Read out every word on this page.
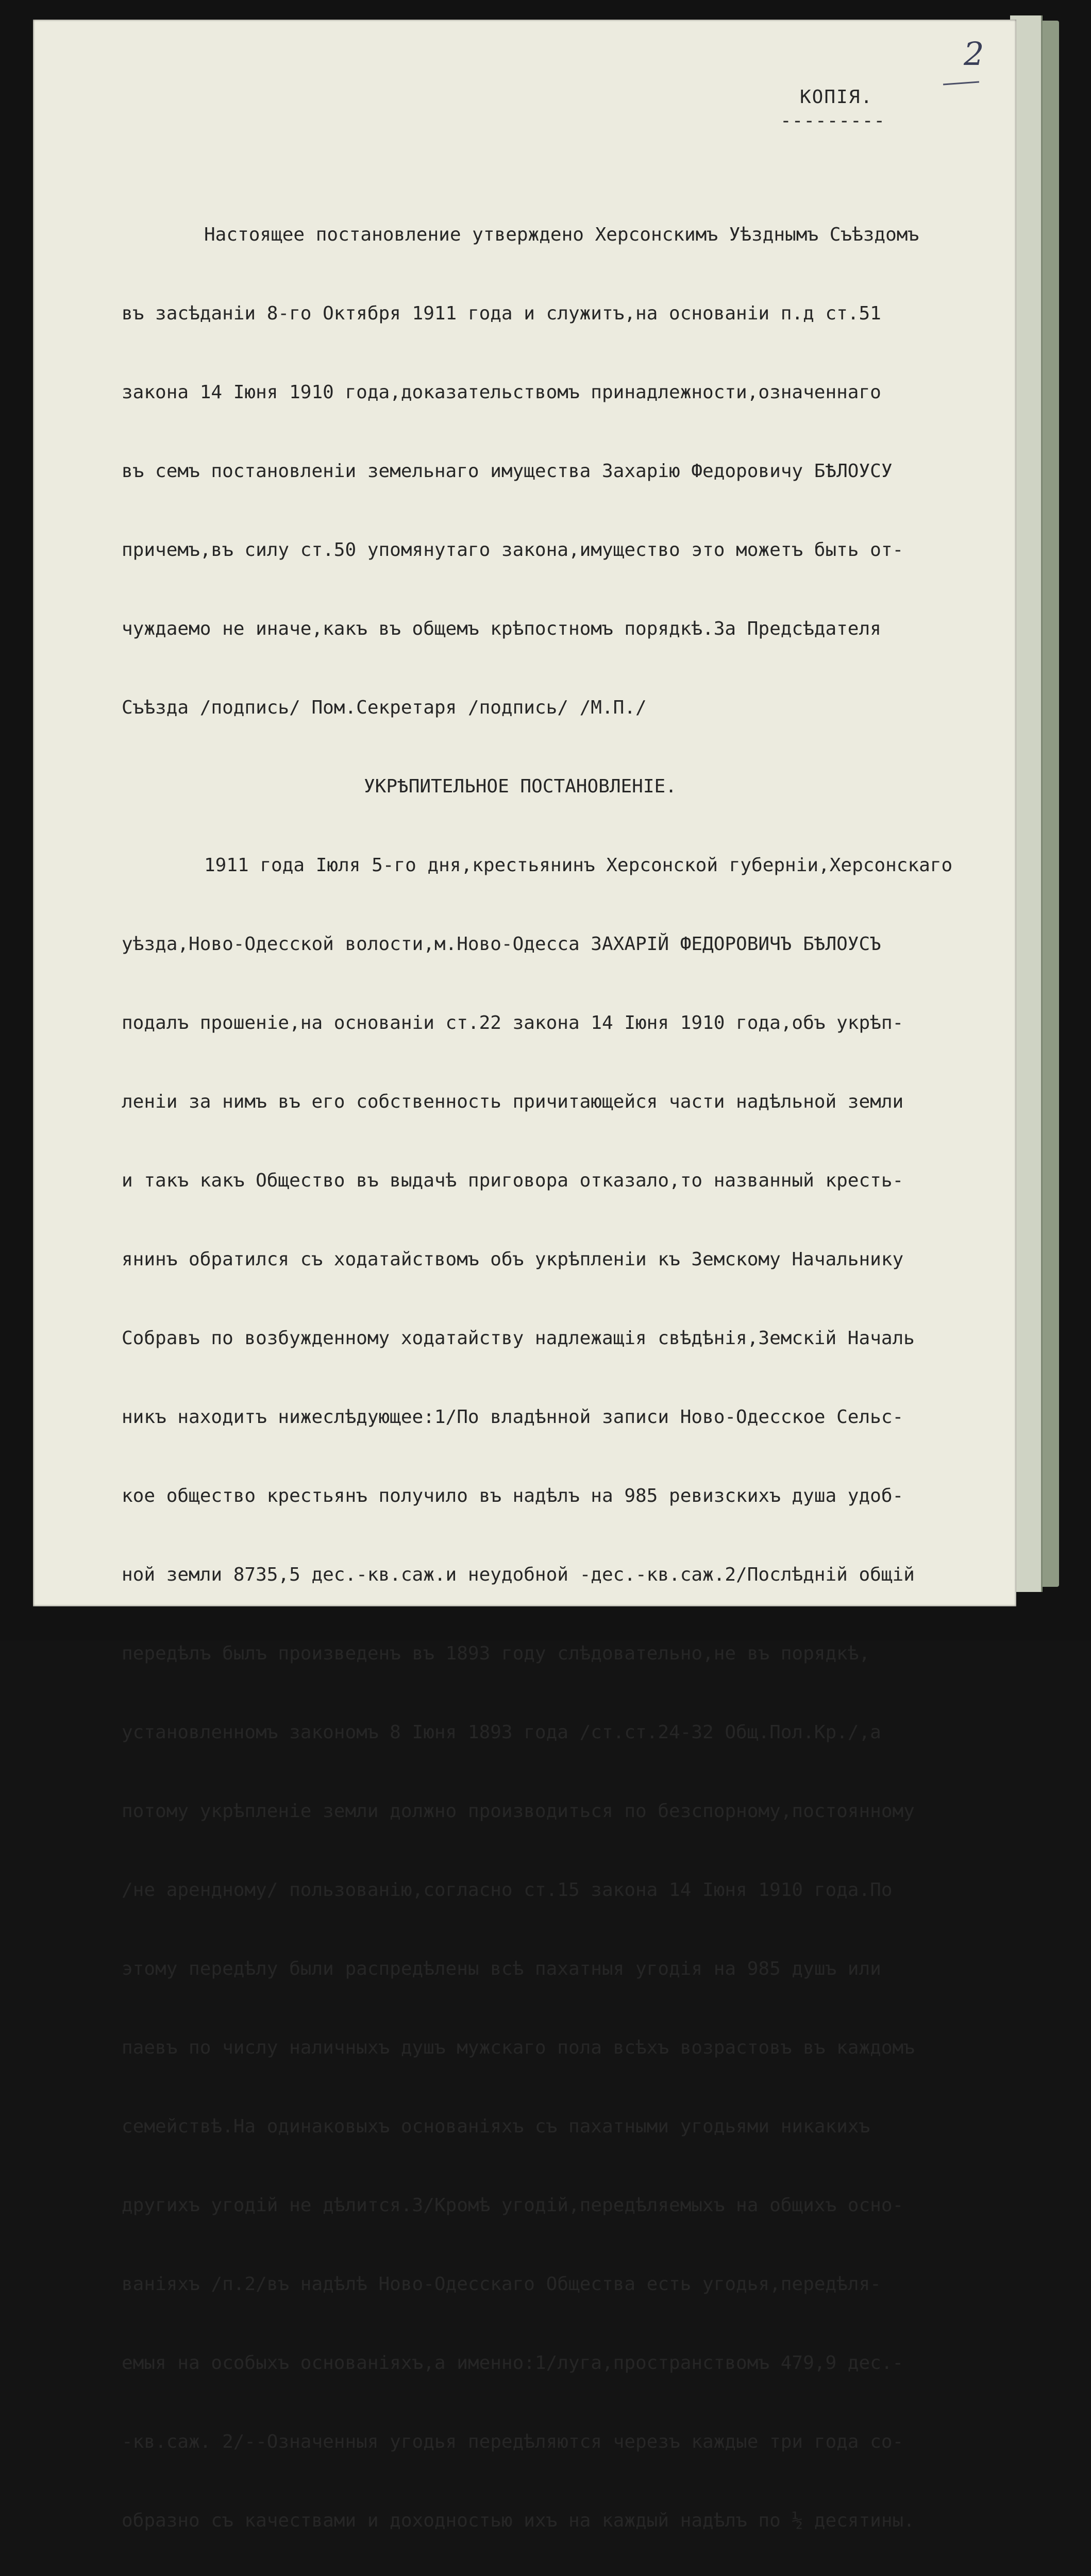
2
КОПIЯ.
---------

Настоящее постановление утверждено Херсонскимъ Уѣзднымъ Съѣздомъ

въ засѣданiи 8-го Октября 1911 года и служитъ,на основанiи п.д ст.51

закона 14 Iюня 1910 года,доказательствомъ принадлежности,означеннаго

въ семъ постановленiи земельнаго имущества Захарiю Федоровичу БѢЛОУСУ

причемъ,въ силу ст.50 упомянутаго закона,имущество это можетъ быть от-

чуждаемо не иначе,какъ въ общемъ крѣпостномъ порядкѣ.За Предсѣдателя

Съѣзда /подпись/ Пом.Секретаря /подпись/ /М.П./

УКРѢПИТЕЛЬНОЕ ПОСТАНОВЛЕНIЕ.

1911 года Iюля 5-го дня,крестьянинъ Херсонской губернiи,Херсонскаго

уѣзда,Ново-Одесской волости,м.Ново-Одесса ЗАХАРIЙ ФЕДОРОВИЧЪ БѢЛОУСЪ

подалъ прошенiе,на основанiи ст.22 закона 14 Iюня 1910 года,объ укрѣп-

ленiи за нимъ въ его собственность причитающейся части надѣльной земли

и такъ какъ Общество въ выдачѣ приговора отказало,то названный кресть-

янинъ обратился съ ходатайствомъ объ укрѣпленiи къ Земскому Начальнику

Собравъ по возбужденному ходатайству надлежащiя свѣдѣнiя,Земскiй Началь

никъ находитъ нижеслѣдующее:1/По владѣнной записи Ново-Одесское Сельс-

кое общество крестьянъ получило въ надѣлъ на 985 ревизскихъ душа удоб-

ной земли 8735,5 дес.-кв.саж.и неудобной -дес.-кв.саж.2/Послѣднiй общiй

передѣлъ былъ произведенъ въ 1893 году слѣдовательно,не въ порядкѣ,

установленномъ закономъ 8 Iюня 1893 года /ст.ст.24-32 Общ.Пол.Кр./,а

потому укрѣпленiе земли должно производиться по безспорному,постоянному

/не арендному/ пользованiю,согласно ст.15 закона 14 Iюня 1910 года.По

этому передѣлу были распредѣлены всѣ пахатныя угодiя на 985 душъ или

паевъ по числу наличныхъ душъ мужскаго пола всѣхъ возрастовъ въ каждомъ

семействѣ.На одинаковыхъ основанiяхъ съ пахатными угодьями никакихъ

другихъ угодiй не дѣлится.3/Кромѣ угодiй,передѣляемыхъ на общихъ осно-

ванiяхъ /п.2/въ надѣлѣ Ново-Одесскаго Общества есть угодья,передѣля-

емыя на особыхъ основанiяхъ,а именно:1/луга,пространствомъ 479,9 дес.-

-кв.саж. 2/--Означенныя угодья передѣляются черезъ каждые три года со-

образно съ качествами и доходностью ихъ на каждый надѣлъ по ½ десятины.
